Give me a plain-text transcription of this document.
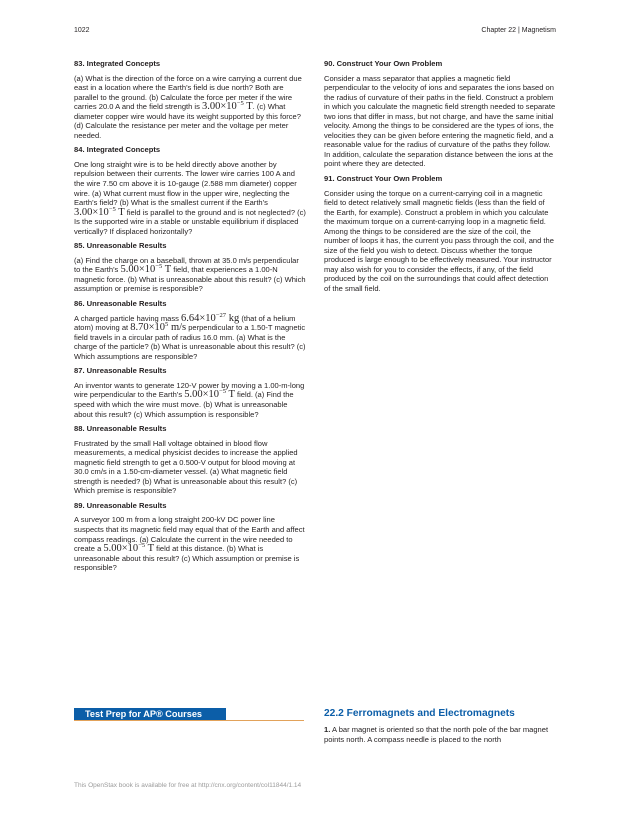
1022	Chapter 22 | Magnetism
83. Integrated Concepts

(a) What is the direction of the force on a wire carrying a current due east in a location where the Earth’s field is due north? Both are parallel to the ground. (b) Calculate the force per meter if the wire carries 20.0 A and the field strength is $3.00\times 10^{-5}$ T. (c) What diameter copper wire would have its weight supported by this force? (d) Calculate the resistance per meter and the voltage per meter needed.

84. Integrated Concepts

One long straight wire is to be held directly above another by repulsion between their currents. The lower wire carries 100 A and the wire 7.50 cm above it is 10-gauge (2.588 mm diameter) copper wire. (a) What current must flow in the upper wire, neglecting the Earth’s field? (b) What is the smallest current if the Earth’s $3.00\times 10^{-5}$ T field is parallel to the ground and is not neglected? (c) Is the supported wire in a stable or unstable equilibrium if displaced vertically? If displaced horizontally?

85. Unreasonable Results

(a) Find the charge on a baseball, thrown at 35.0 m/s perpendicular to the Earth’s $5.00\times 10^{-5}$ T field, that experiences a 1.00-N magnetic force. (b) What is unreasonable about this result? (c) Which assumption or premise is responsible?

86. Unreasonable Results

A charged particle having mass $6.64\times 10^{-27}$ kg (that of a helium atom) moving at $8.70\times 10^5$ m/s perpendicular to a 1.50-T magnetic field travels in a circular path of radius 16.0 mm. (a) What is the charge of the particle? (b) What is unreasonable about this result? (c) Which assumptions are responsible?

87. Unreasonable Results

An inventor wants to generate 120-V power by moving a 1.00-m-long wire perpendicular to the Earth’s $5.00\times 10^{-5}$ T field. (a) Find the speed with which the wire must move. (b) What is unreasonable about this result? (c) Which assumption is responsible?

88. Unreasonable Results

Frustrated by the small Hall voltage obtained in blood flow measurements, a medical physicist decides to increase the applied magnetic field strength to get a 0.500-V output for blood moving at 30.0 cm/s in a 1.50-cm-diameter vessel. (a) What magnetic field strength is needed? (b) What is unreasonable about this result? (c) Which premise is responsible?

89. Unreasonable Results

A surveyor 100 m from a long straight 200-kV DC power line suspects that its magnetic field may equal that of the Earth and affect compass readings. (a) Calculate the current in the wire needed to create a $5.00\times 10^{-5}$ T field at this distance. (b) What is unreasonable about this result? (c) Which assumption or premise is responsible?

90. Construct Your Own Problem

Consider a mass separator that applies a magnetic field perpendicular to the velocity of ions and separates the ions based on the radius of curvature of their paths in the field. Construct a problem in which you calculate the magnetic field strength needed to separate two ions that differ in mass, but not charge, and have the same initial velocity. Among the things to be considered are the types of ions, the velocities they can be given before entering the magnetic field, and a reasonable value for the radius of curvature of the paths they follow. In addition, calculate the separation distance between the ions at the point where they are detected.

91. Construct Your Own Problem

Consider using the torque on a current-carrying coil in a magnetic field to detect relatively small magnetic fields (less than the field of the Earth, for example). Construct a problem in which you calculate the maximum torque on a current-carrying loop in a magnetic field. Among the things to be considered are the size of the coil, the number of loops it has, the current you pass through the coil, and the size of the field you wish to detect. Discuss whether the torque produced is large enough to be effectively measured. Your instructor may also wish for you to consider the effects, if any, of the field produced by the coil on the surroundings that could affect detection of the small field.

Test Prep for AP® Courses	22.2 Ferromagnets and Electromagnets

1. A bar magnet is oriented so that the north pole of the bar magnet points north. A compass needle is placed to the north

This OpenStax book is available for free at http://cnx.org/content/col11844/1.14
